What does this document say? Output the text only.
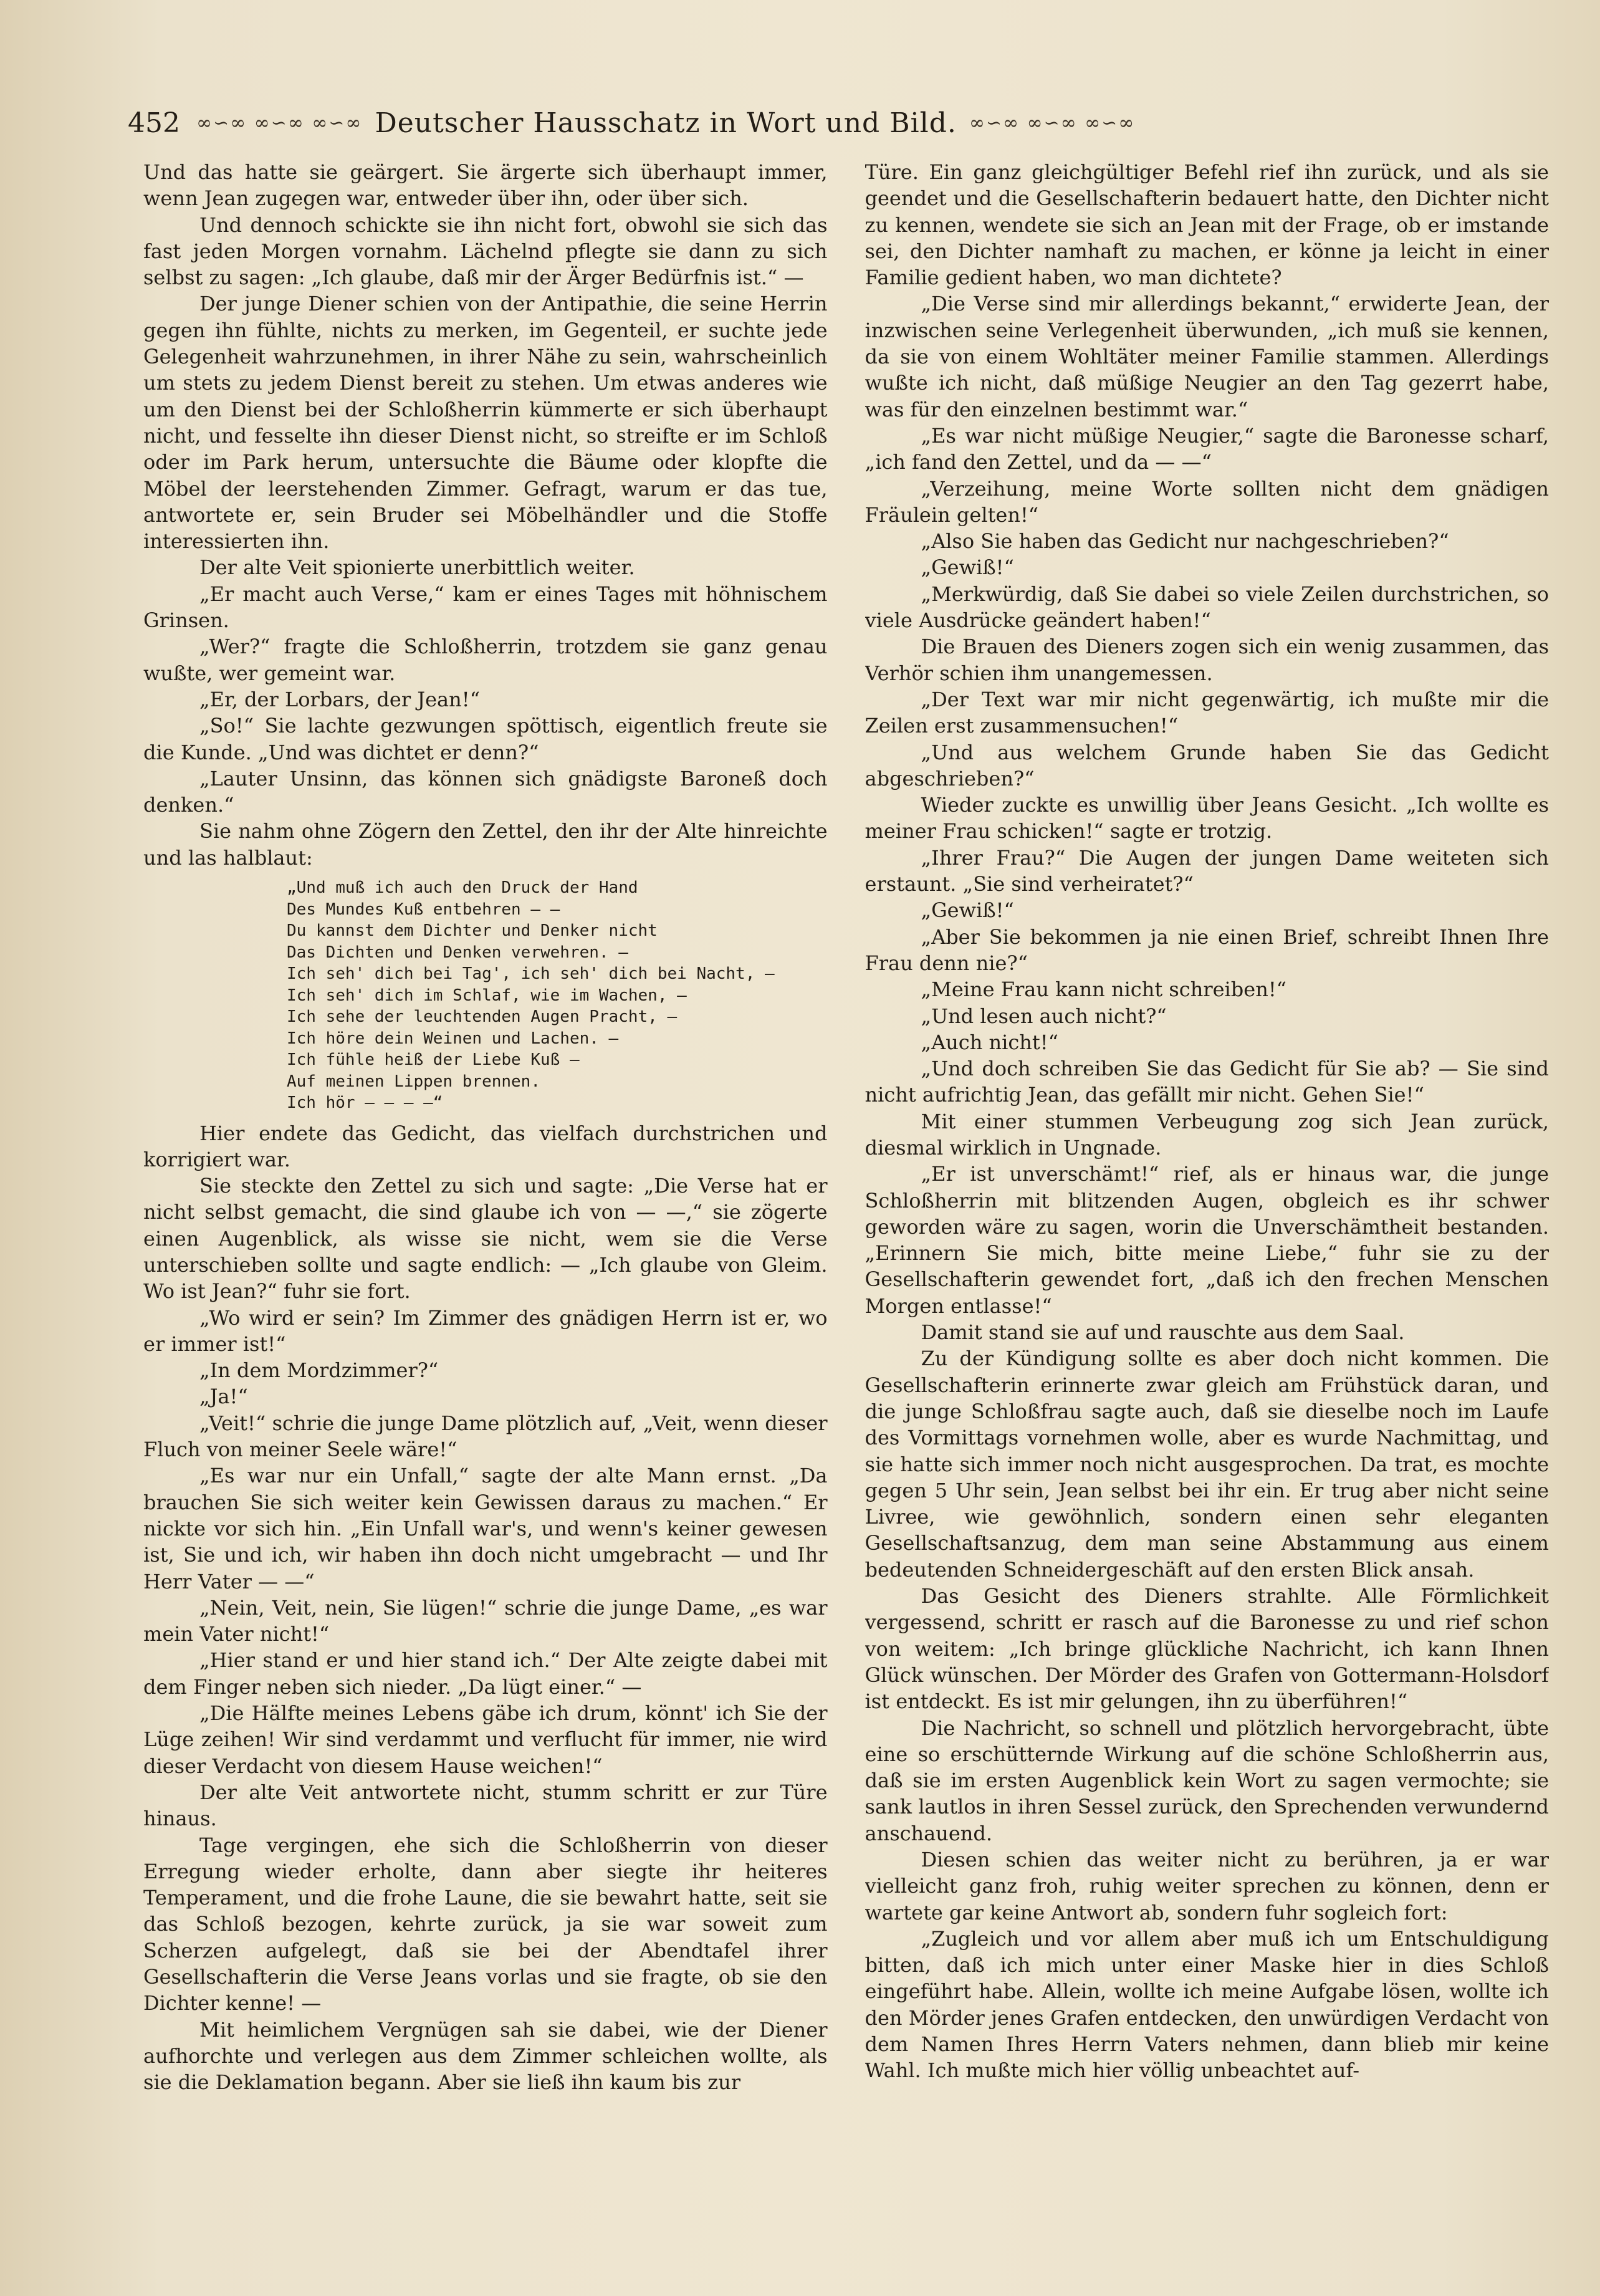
452 ∞∽∞ ∞∽∞ ∞∽∞ Deutscher Hausschatz in Wort und Bild. ∞∽∞ ∞∽∞ ∞∽∞

Und das hatte sie geärgert. Sie ärgerte sich überhaupt immer, wenn Jean zugegen war, entweder über ihn, oder über sich.

Und dennoch schickte sie ihn nicht fort, obwohl sie sich das fast jeden Morgen vornahm. Lächelnd pflegte sie dann zu sich selbst zu sagen: „Ich glaube, daß mir der Ärger Bedürfnis ist.“ —

Der junge Diener schien von der Antipathie, die seine Herrin gegen ihn fühlte, nichts zu merken, im Gegenteil, er suchte jede Gelegenheit wahrzunehmen, in ihrer Nähe zu sein, wahrscheinlich um stets zu jedem Dienst bereit zu stehen. Um etwas anderes wie um den Dienst bei der Schloßherrin kümmerte er sich überhaupt nicht, und fesselte ihn dieser Dienst nicht, so streifte er im Schloß oder im Park herum, untersuchte die Bäume oder klopfte die Möbel der leerstehenden Zimmer. Gefragt, warum er das tue, antwortete er, sein Bruder sei Möbelhändler und die Stoffe interessierten ihn.

Der alte Veit spionierte unerbittlich weiter.

„Er macht auch Verse,“ kam er eines Tages mit höhnischem Grinsen.

„Wer?“ fragte die Schloßherrin, trotzdem sie ganz genau wußte, wer gemeint war.

„Er, der Lorbars, der Jean!“

„So!“ Sie lachte gezwungen spöttisch, eigentlich freute sie die Kunde. „Und was dichtet er denn?“

„Lauter Unsinn, das können sich gnädigste Baroneß doch denken.“

Sie nahm ohne Zögern den Zettel, den ihr der Alte hinreichte und las halblaut:

„Und muß ich auch den Druck der Hand
Des Mundes Kuß entbehren — —
Du kannst dem Dichter und Denker nicht
Das Dichten und Denken verwehren. —
Ich seh' dich bei Tag', ich seh' dich bei Nacht, —
Ich seh' dich im Schlaf, wie im Wachen, —
Ich sehe der leuchtenden Augen Pracht, —
Ich höre dein Weinen und Lachen. —
Ich fühle heiß der Liebe Kuß —
Auf meinen Lippen brennen.
Ich hör — — — —“

Hier endete das Gedicht, das vielfach durchstrichen und korrigiert war.

Sie steckte den Zettel zu sich und sagte: „Die Verse hat er nicht selbst gemacht, die sind glaube ich von — —,“ sie zögerte einen Augenblick, als wisse sie nicht, wem sie die Verse unterschieben sollte und sagte endlich: — „Ich glaube von Gleim. Wo ist Jean?“ fuhr sie fort.

„Wo wird er sein? Im Zimmer des gnädigen Herrn ist er, wo er immer ist!“

„In dem Mordzimmer?“

„Ja!“

„Veit!“ schrie die junge Dame plötzlich auf, „Veit, wenn dieser Fluch von meiner Seele wäre!“

„Es war nur ein Unfall,“ sagte der alte Mann ernst. „Da brauchen Sie sich weiter kein Gewissen daraus zu machen.“ Er nickte vor sich hin. „Ein Unfall war's, und wenn's keiner gewesen ist, Sie und ich, wir haben ihn doch nicht umgebracht — und Ihr Herr Vater — —“

„Nein, Veit, nein, Sie lügen!“ schrie die junge Dame, „es war mein Vater nicht!“

„Hier stand er und hier stand ich.“ Der Alte zeigte dabei mit dem Finger neben sich nieder. „Da lügt einer.“ —

„Die Hälfte meines Lebens gäbe ich drum, könnt' ich Sie der Lüge zeihen! Wir sind verdammt und verflucht für immer, nie wird dieser Verdacht von diesem Hause weichen!“

Der alte Veit antwortete nicht, stumm schritt er zur Türe hinaus.

Tage vergingen, ehe sich die Schloßherrin von dieser Erregung wieder erholte, dann aber siegte ihr heiteres Temperament, und die frohe Laune, die sie bewahrt hatte, seit sie das Schloß bezogen, kehrte zurück, ja sie war soweit zum Scherzen aufgelegt, daß sie bei der Abendtafel ihrer Gesellschafterin die Verse Jeans vorlas und sie fragte, ob sie den Dichter kenne! —

Mit heimlichem Vergnügen sah sie dabei, wie der Diener aufhorchte und verlegen aus dem Zimmer schleichen wollte, als sie die Deklamation begann. Aber sie ließ ihn kaum bis zur

Türe. Ein ganz gleichgültiger Befehl rief ihn zurück, und als sie geendet und die Gesellschafterin bedauert hatte, den Dichter nicht zu kennen, wendete sie sich an Jean mit der Frage, ob er imstande sei, den Dichter namhaft zu machen, er könne ja leicht in einer Familie gedient haben, wo man dichtete?

„Die Verse sind mir allerdings bekannt,“ erwiderte Jean, der inzwischen seine Verlegenheit überwunden, „ich muß sie kennen, da sie von einem Wohltäter meiner Familie stammen. Allerdings wußte ich nicht, daß müßige Neugier an den Tag gezerrt habe, was für den einzelnen bestimmt war.“

„Es war nicht müßige Neugier,“ sagte die Baronesse scharf, „ich fand den Zettel, und da — —“

„Verzeihung, meine Worte sollten nicht dem gnädigen Fräulein gelten!“

„Also Sie haben das Gedicht nur nachgeschrieben?“

„Gewiß!“

„Merkwürdig, daß Sie dabei so viele Zeilen durchstrichen, so viele Ausdrücke geändert haben!“

Die Brauen des Dieners zogen sich ein wenig zusammen, das Verhör schien ihm unangemessen.

„Der Text war mir nicht gegenwärtig, ich mußte mir die Zeilen erst zusammensuchen!“

„Und aus welchem Grunde haben Sie das Gedicht abgeschrieben?“

Wieder zuckte es unwillig über Jeans Gesicht. „Ich wollte es meiner Frau schicken!“ sagte er trotzig.

„Ihrer Frau?“ Die Augen der jungen Dame weiteten sich erstaunt. „Sie sind verheiratet?“

„Gewiß!“

„Aber Sie bekommen ja nie einen Brief, schreibt Ihnen Ihre Frau denn nie?“

„Meine Frau kann nicht schreiben!“

„Und lesen auch nicht?“

„Auch nicht!“

„Und doch schreiben Sie das Gedicht für Sie ab? — Sie sind nicht aufrichtig Jean, das gefällt mir nicht. Gehen Sie!“

Mit einer stummen Verbeugung zog sich Jean zurück, diesmal wirklich in Ungnade.

„Er ist unverschämt!“ rief, als er hinaus war, die junge Schloßherrin mit blitzenden Augen, obgleich es ihr schwer geworden wäre zu sagen, worin die Unverschämtheit bestanden. „Erinnern Sie mich, bitte meine Liebe,“ fuhr sie zu der Gesellschafterin gewendet fort, „daß ich den frechen Menschen Morgen entlasse!“

Damit stand sie auf und rauschte aus dem Saal.

Zu der Kündigung sollte es aber doch nicht kommen. Die Gesellschafterin erinnerte zwar gleich am Frühstück daran, und die junge Schloßfrau sagte auch, daß sie dieselbe noch im Laufe des Vormittags vornehmen wolle, aber es wurde Nachmittag, und sie hatte sich immer noch nicht ausgesprochen. Da trat, es mochte gegen 5 Uhr sein, Jean selbst bei ihr ein. Er trug aber nicht seine Livree, wie gewöhnlich, sondern einen sehr eleganten Gesellschaftsanzug, dem man seine Abstammung aus einem bedeutenden Schneidergeschäft auf den ersten Blick ansah.

Das Gesicht des Dieners strahlte. Alle Förmlichkeit vergessend, schritt er rasch auf die Baronesse zu und rief schon von weitem: „Ich bringe glückliche Nachricht, ich kann Ihnen Glück wünschen. Der Mörder des Grafen von Gottermann-Holsdorf ist entdeckt. Es ist mir gelungen, ihn zu überführen!“

Die Nachricht, so schnell und plötzlich hervorgebracht, übte eine so erschütternde Wirkung auf die schöne Schloßherrin aus, daß sie im ersten Augenblick kein Wort zu sagen vermochte; sie sank lautlos in ihren Sessel zurück, den Sprechenden verwundernd anschauend.

Diesen schien das weiter nicht zu berühren, ja er war vielleicht ganz froh, ruhig weiter sprechen zu können, denn er wartete gar keine Antwort ab, sondern fuhr sogleich fort:

„Zugleich und vor allem aber muß ich um Entschuldigung bitten, daß ich mich unter einer Maske hier in dies Schloß eingeführt habe. Allein, wollte ich meine Aufgabe lösen, wollte ich den Mörder jenes Grafen entdecken, den unwürdigen Verdacht von dem Namen Ihres Herrn Vaters nehmen, dann blieb mir keine Wahl. Ich mußte mich hier völlig unbeachtet auf-
